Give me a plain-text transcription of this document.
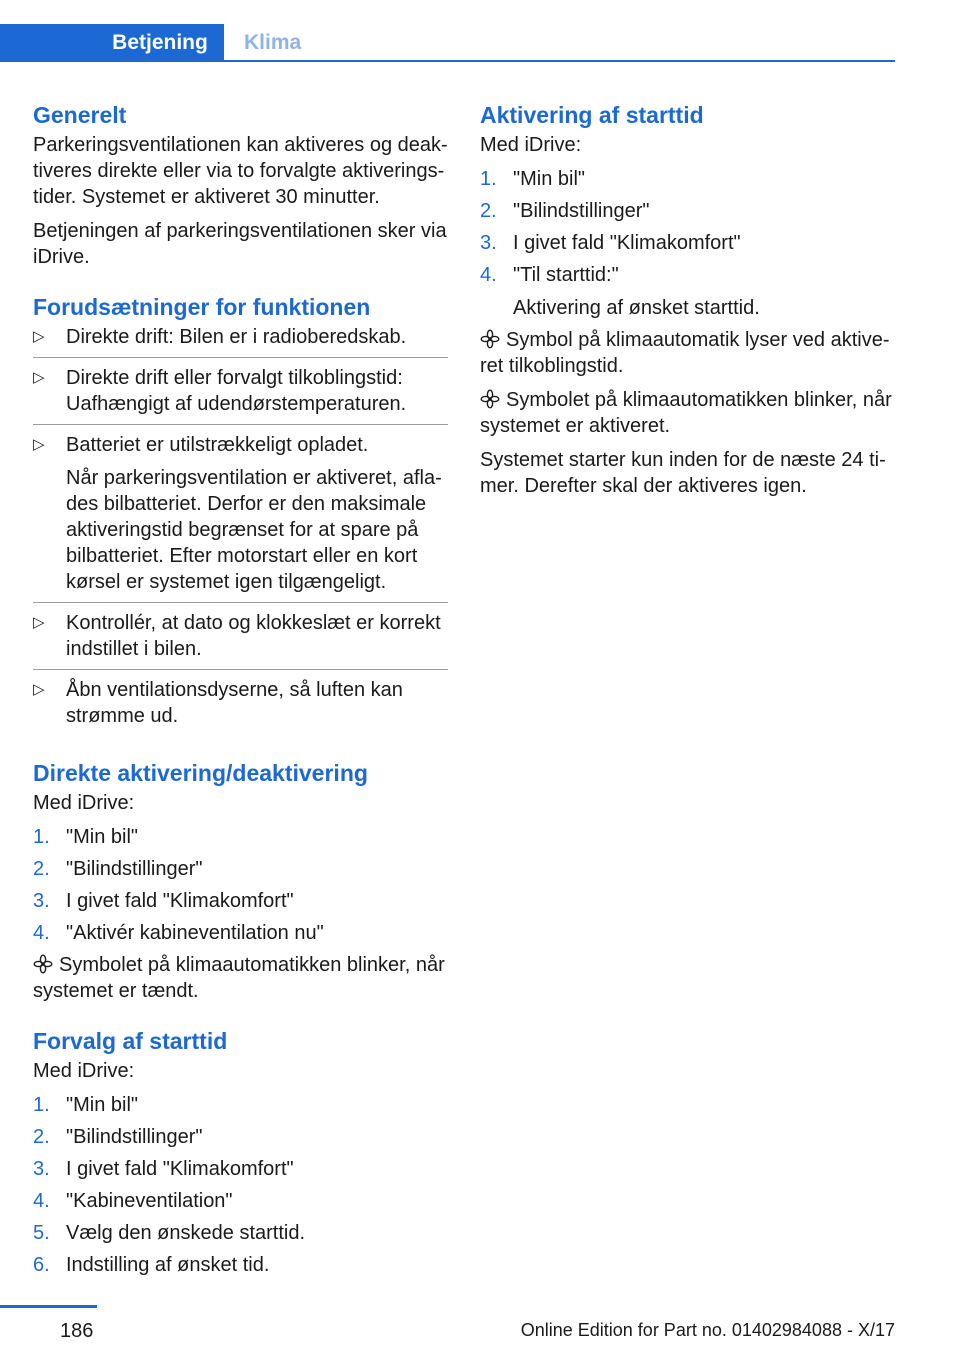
Betjening	Klima
Generelt

Parkeringsventilationen kan aktiveres og deaktiveres direkte eller via to forvalgte aktiveringstider. Systemet er aktiveret 30 minutter.

Betjeningen af parkeringsventilationen sker via iDrive.

Forudsætninger for funktionen
▷ Direkte drift: Bilen er i radioberedskab.
▷ Direkte drift eller forvalgt tilkoblingstid: Uafhængigt af udendørstemperaturen.
▷ Batteriet er utilstrækkeligt opladet.
Når parkeringsventilation er aktiveret, aflades bilbatteriet. Derfor er den maksimale aktiveringstid begrænset for at spare på bilbatteriet. Efter motorstart eller en kort kørsel er systemet igen tilgængeligt.
▷ Kontrollér, at dato og klokkeslæt er korrekt indstillet i bilen.
▷ Åbn ventilationsdyserne, så luften kan strømme ud.
Direkte aktivering/deaktivering

Med iDrive:

1. "Min bil"
2. "Bilindstillinger"
3. I givet fald "Klimakomfort"
4. "Aktivér kabineventilation nu"

Symbolet på klimaautomatikken blinker, når systemet er tændt.

Forvalg af starttid

Med iDrive:

1. "Min bil"
2. "Bilindstillinger"
3. I givet fald "Klimakomfort"
4. "Kabineventilation"
5. Vælg den ønskede starttid.
6. Indstilling af ønsket tid.
Aktivering af starttid

Med iDrive:

1. "Min bil"
2. "Bilindstillinger"
3. I givet fald "Klimakomfort"
4. "Til starttid:"
Aktivering af ønsket starttid.

Symbol på klimaautomatik lyser ved aktiveret tilkoblingstid.

Symbolet på klimaautomatikken blinker, når systemet er aktiveret.

Systemet starter kun inden for de næste 24 timer. Derefter skal der aktiveres igen.

186	Online Edition for Part no. 01402984088 - X/17
